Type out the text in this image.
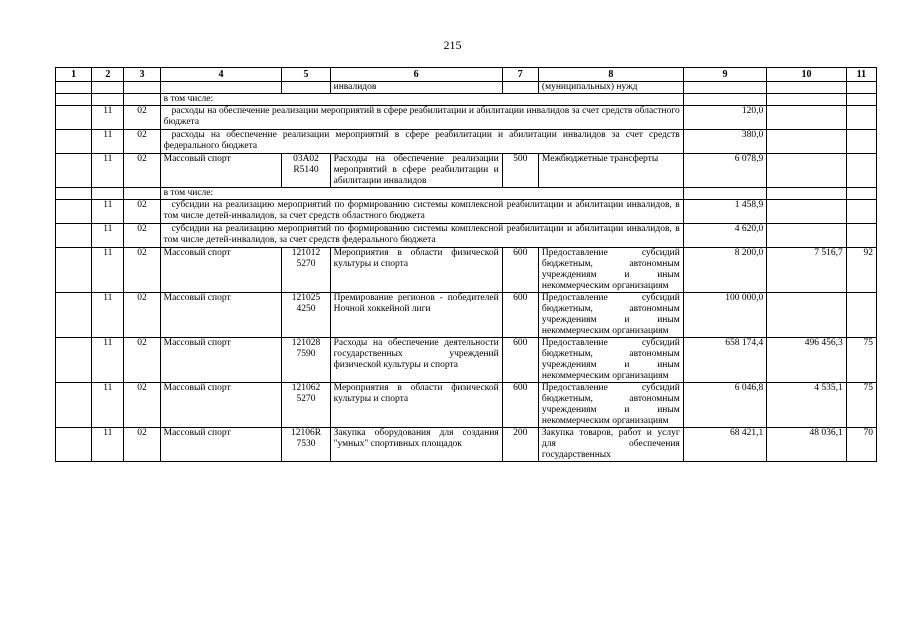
215
1	2	3	4	5	6	7	8	9	10	11
					инвалидов		(муниципальных) нужд			
			в том числе:							
	11	02	расходы на обеспечение реализации мероприятий в сфере реабилитации и абилитации инвалидов за счет средств областного бюджета					120,0		
	11	02	расходы на обеспечение реализации мероприятий в сфере реабилитации и абилитации инвалидов за счет средств федерального бюджета					380,0		
	11	02	Массовый спорт	03А02 R5140	Расходы на обеспечение реализации мероприятий в сфере реабилитации и абилитации инвалидов	500	Межбюджетные трансферты	6 078,9		
			в том числе:							
	11	02	субсидии на реализацию мероприятий по формированию системы комплексной реабилитации и абилитации инвалидов, в том числе детей-инвалидов, за счет средств областного бюджета					1 458,9		
	11	02	субсидии на реализацию мероприятий по формированию системы комплексной реабилитации и абилитации инвалидов, в том числе детей-инвалидов, за счет средств федерального бюджета					4 620,0		
	11	02	Массовый спорт	121012 5270	Мероприятия в области физической культуры и спорта	600	Предоставление субсидий бюджетным, автономным учреждениям и иным некоммерческим организациям	8 200,0	7 516,7	92
	11	02	Массовый спорт	121025 4250	Премирование регионов - победителей Ночной хоккейной лиги	600	Предоставление субсидий бюджетным, автономным учреждениям и иным некоммерческим организациям	100 000,0		
	11	02	Массовый спорт	121028 7590	Расходы на обеспечение деятельности государственных учреждений физической культуры и спорта	600	Предоставление субсидий бюджетным, автономным учреждениям и иным некоммерческим организациям	658 174,4	496 456,3	75
	11	02	Массовый спорт	121062 5270	Мероприятия в области физической культуры и спорта	600	Предоставление субсидий бюджетным, автономным учреждениям и иным некоммерческим организациям	6 046,8	4 535,1	75
	11	02	Массовый спорт	12106R 7530	Закупка оборудования для создания "умных" спортивных площадок	200	Закупка товаров, работ и услуг для обеспечения государственных	68 421,1	48 036,1	70
